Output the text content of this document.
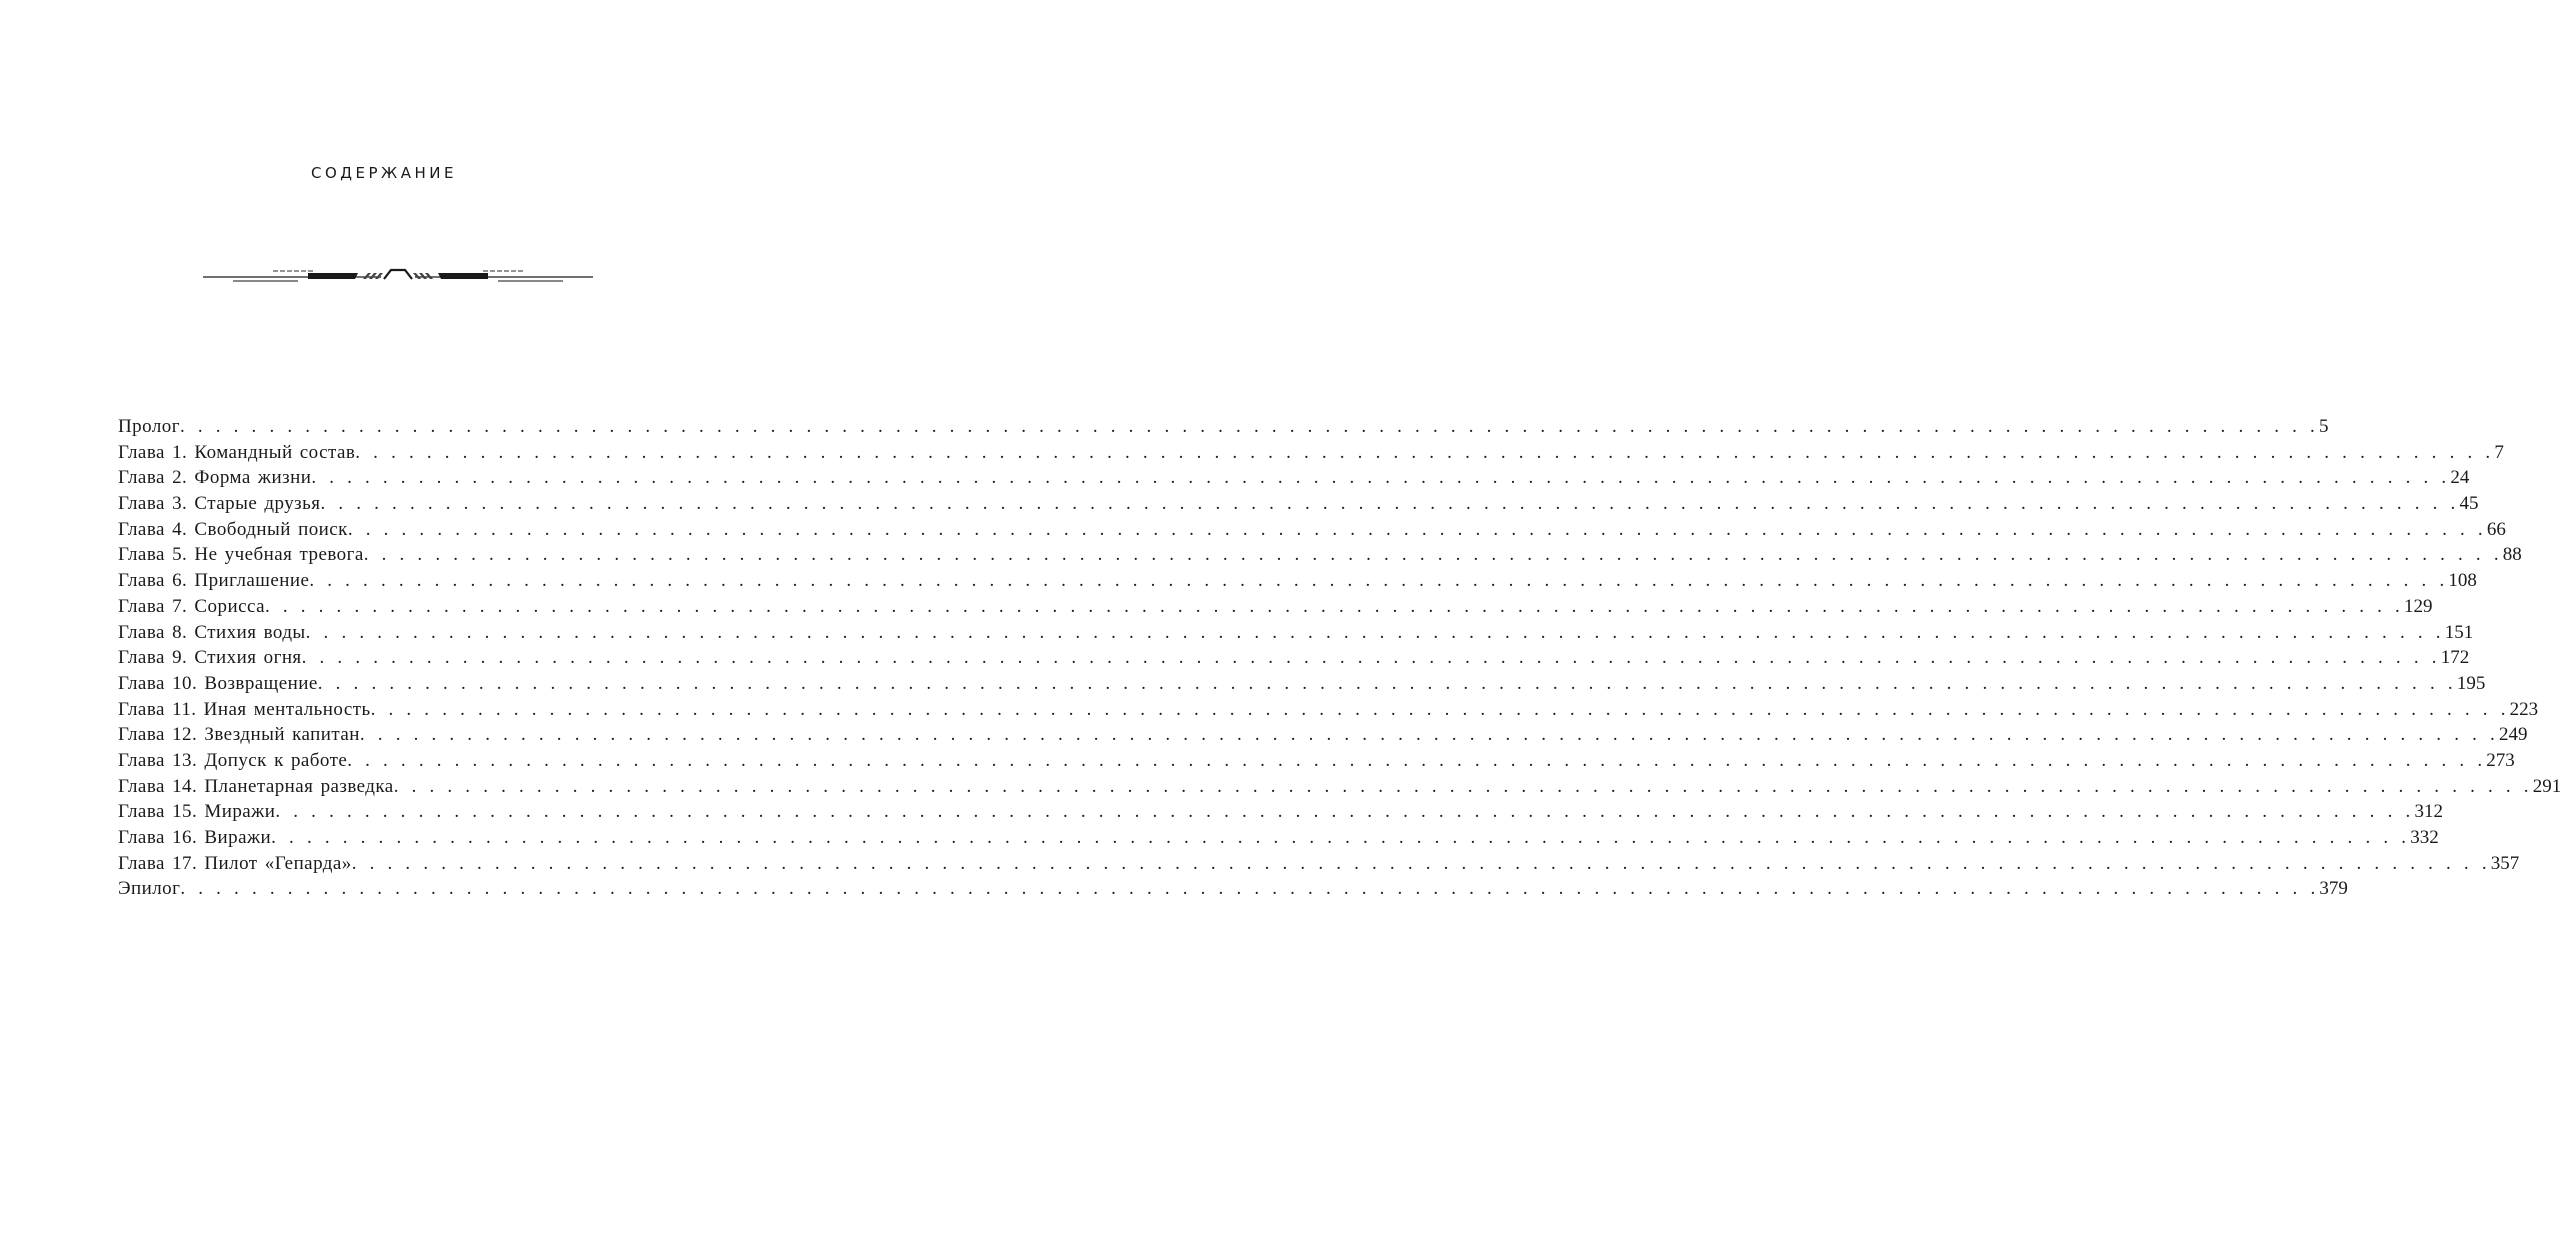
СОДЕРЖАНИЕ
Пролог . . . . . . . . . . . . . . . . . . . . . . . . . . . . . . . . . . . . . . . . . . . . . . . . . . . . . . . . . . . . . . . . . . . . . . . . . . . . . . . . . . . . . . . . . . . . . . . . . . . . . . . . . . . . . . . . . . . . . . . . 5
Глава 1. Командный состав . . . . . . . . . . . . . . . . . . . . . . . . . . . . . . . . . . . . . . . . . . . . . . . . . . . . . . . . . . . . . . . . . . . . . . . . . . . . . . . . . . . . . . . . . . . . . . . . . . . . . . . . . . . . . . . . . . . . . . . . 7
Глава 2. Форма жизни . . . . . . . . . . . . . . . . . . . . . . . . . . . . . . . . . . . . . . . . . . . . . . . . . . . . . . . . . . . . . . . . . . . . . . . . . . . . . . . . . . . . . . . . . . . . . . . . . . . . . . . . . . . . . . . . . . . . . . . . 24
Глава 3. Старые друзья . . . . . . . . . . . . . . . . . . . . . . . . . . . . . . . . . . . . . . . . . . . . . . . . . . . . . . . . . . . . . . . . . . . . . . . . . . . . . . . . . . . . . . . . . . . . . . . . . . . . . . . . . . . . . . . . . . . . . . . . 45
Глава 4. Свободный поиск . . . . . . . . . . . . . . . . . . . . . . . . . . . . . . . . . . . . . . . . . . . . . . . . . . . . . . . . . . . . . . . . . . . . . . . . . . . . . . . . . . . . . . . . . . . . . . . . . . . . . . . . . . . . . . . . . . . . . . . . 66
Глава 5. Не учебная тревога . . . . . . . . . . . . . . . . . . . . . . . . . . . . . . . . . . . . . . . . . . . . . . . . . . . . . . . . . . . . . . . . . . . . . . . . . . . . . . . . . . . . . . . . . . . . . . . . . . . . . . . . . . . . . . . . . . . . . . . . 88
Глава 6. Приглашение . . . . . . . . . . . . . . . . . . . . . . . . . . . . . . . . . . . . . . . . . . . . . . . . . . . . . . . . . . . . . . . . . . . . . . . . . . . . . . . . . . . . . . . . . . . . . . . . . . . . . . . . . . . . . . . . . . . . . . . . 108
Глава 7. Сорисса . . . . . . . . . . . . . . . . . . . . . . . . . . . . . . . . . . . . . . . . . . . . . . . . . . . . . . . . . . . . . . . . . . . . . . . . . . . . . . . . . . . . . . . . . . . . . . . . . . . . . . . . . . . . . . . . . . . . . . . . 129
Глава 8. Стихия воды . . . . . . . . . . . . . . . . . . . . . . . . . . . . . . . . . . . . . . . . . . . . . . . . . . . . . . . . . . . . . . . . . . . . . . . . . . . . . . . . . . . . . . . . . . . . . . . . . . . . . . . . . . . . . . . . . . . . . . . . 151
Глава 9. Стихия огня . . . . . . . . . . . . . . . . . . . . . . . . . . . . . . . . . . . . . . . . . . . . . . . . . . . . . . . . . . . . . . . . . . . . . . . . . . . . . . . . . . . . . . . . . . . . . . . . . . . . . . . . . . . . . . . . . . . . . . . . 172
Глава 10. Возвращение . . . . . . . . . . . . . . . . . . . . . . . . . . . . . . . . . . . . . . . . . . . . . . . . . . . . . . . . . . . . . . . . . . . . . . . . . . . . . . . . . . . . . . . . . . . . . . . . . . . . . . . . . . . . . . . . . . . . . . . . 195
Глава 11. Иная ментальность . . . . . . . . . . . . . . . . . . . . . . . . . . . . . . . . . . . . . . . . . . . . . . . . . . . . . . . . . . . . . . . . . . . . . . . . . . . . . . . . . . . . . . . . . . . . . . . . . . . . . . . . . . . . . . . . . . . . . . . . 223
Глава 12. Звездный капитан . . . . . . . . . . . . . . . . . . . . . . . . . . . . . . . . . . . . . . . . . . . . . . . . . . . . . . . . . . . . . . . . . . . . . . . . . . . . . . . . . . . . . . . . . . . . . . . . . . . . . . . . . . . . . . . . . . . . . . . . 249
Глава 13. Допуск к работе . . . . . . . . . . . . . . . . . . . . . . . . . . . . . . . . . . . . . . . . . . . . . . . . . . . . . . . . . . . . . . . . . . . . . . . . . . . . . . . . . . . . . . . . . . . . . . . . . . . . . . . . . . . . . . . . . . . . . . . . 273
Глава 14. Планетарная разведка . . . . . . . . . . . . . . . . . . . . . . . . . . . . . . . . . . . . . . . . . . . . . . . . . . . . . . . . . . . . . . . . . . . . . . . . . . . . . . . . . . . . . . . . . . . . . . . . . . . . . . . . . . . . . . . . . . . . . . . . 291
Глава 15. Миражи . . . . . . . . . . . . . . . . . . . . . . . . . . . . . . . . . . . . . . . . . . . . . . . . . . . . . . . . . . . . . . . . . . . . . . . . . . . . . . . . . . . . . . . . . . . . . . . . . . . . . . . . . . . . . . . . . . . . . . . . 312
Глава 16. Виражи . . . . . . . . . . . . . . . . . . . . . . . . . . . . . . . . . . . . . . . . . . . . . . . . . . . . . . . . . . . . . . . . . . . . . . . . . . . . . . . . . . . . . . . . . . . . . . . . . . . . . . . . . . . . . . . . . . . . . . . . 332
Глава 17. Пилот «Гепарда» . . . . . . . . . . . . . . . . . . . . . . . . . . . . . . . . . . . . . . . . . . . . . . . . . . . . . . . . . . . . . . . . . . . . . . . . . . . . . . . . . . . . . . . . . . . . . . . . . . . . . . . . . . . . . . . . . . . . . . . . 357
Эпилог . . . . . . . . . . . . . . . . . . . . . . . . . . . . . . . . . . . . . . . . . . . . . . . . . . . . . . . . . . . . . . . . . . . . . . . . . . . . . . . . . . . . . . . . . . . . . . . . . . . . . . . . . . . . . . . . . . . . . . . . 379
